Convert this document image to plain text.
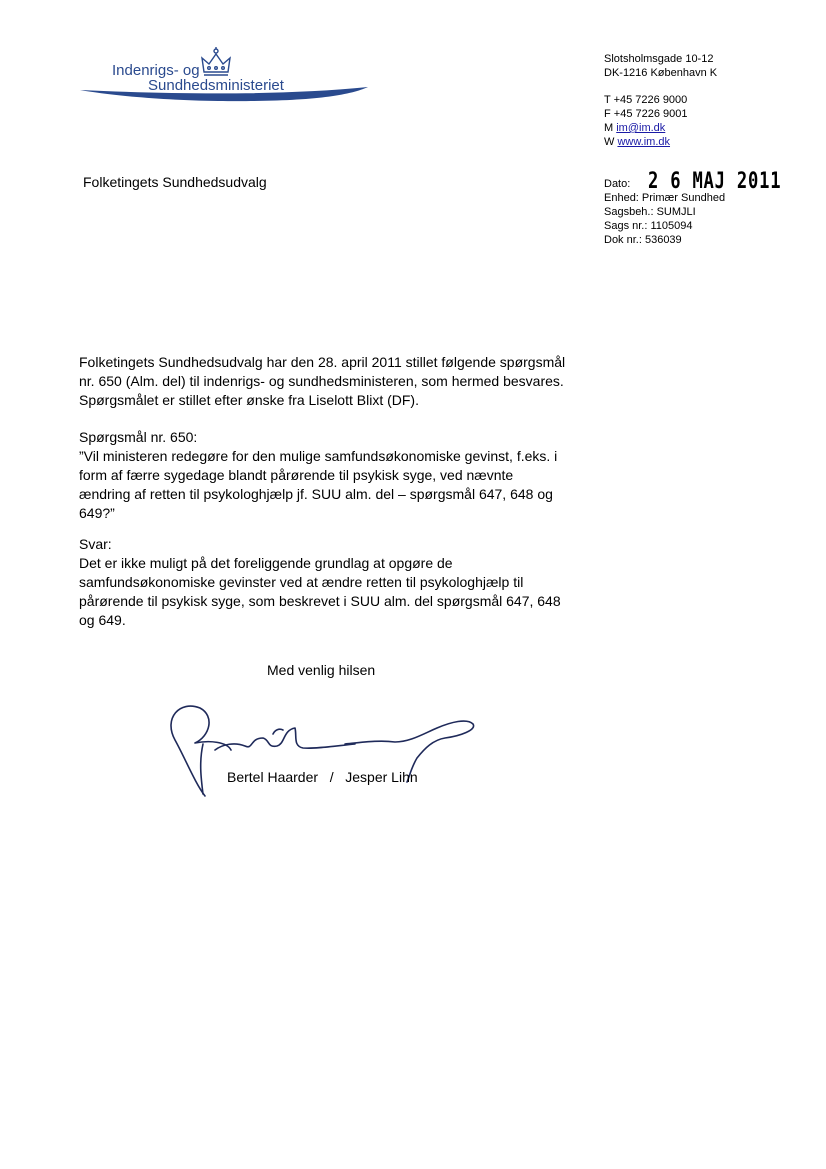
Indenrigs- og
Sundhedsministeriet
Slotsholmsgade 10-12
DK-1216 København K
T +45 7226 9000
F +45 7226 9001
M im@im.dk
W www.im.dk
Folketingets Sundhedsudvalg	Dato: 2 6 MAJ 2011
Enhed: Primær Sundhed
Sagsbeh.: SUMJLI
Sags nr.: 1105094
Dok nr.: 536039

Folketingets Sundhedsudvalg har den 28. april 2011 stillet følgende spørgsmål

nr. 650 (Alm. del) til indenrigs- og sundhedsministeren, som hermed besvares.

Spørgsmålet er stillet efter ønske fra Liselott Blixt (DF).

Spørgsmål nr. 650:

”Vil ministeren redegøre for den mulige samfundsøkonomiske gevinst, f.eks. i

form af færre sygedage blandt pårørende til psykisk syge, ved nævnte

ændring af retten til psykologhjælp jf. SUU alm. del – spørgsmål 647, 648 og

649?”

Svar:

Det er ikke muligt på det foreliggende grundlag at opgøre de

samfundsøkonomiske gevinster ved at ændre retten til psykologhjælp til

pårørende til psykisk syge, som beskrevet i SUU alm. del spørgsmål 647, 648

og 649.

Med venlig hilsen
Bertel Haarder   /   Jesper Lihn
